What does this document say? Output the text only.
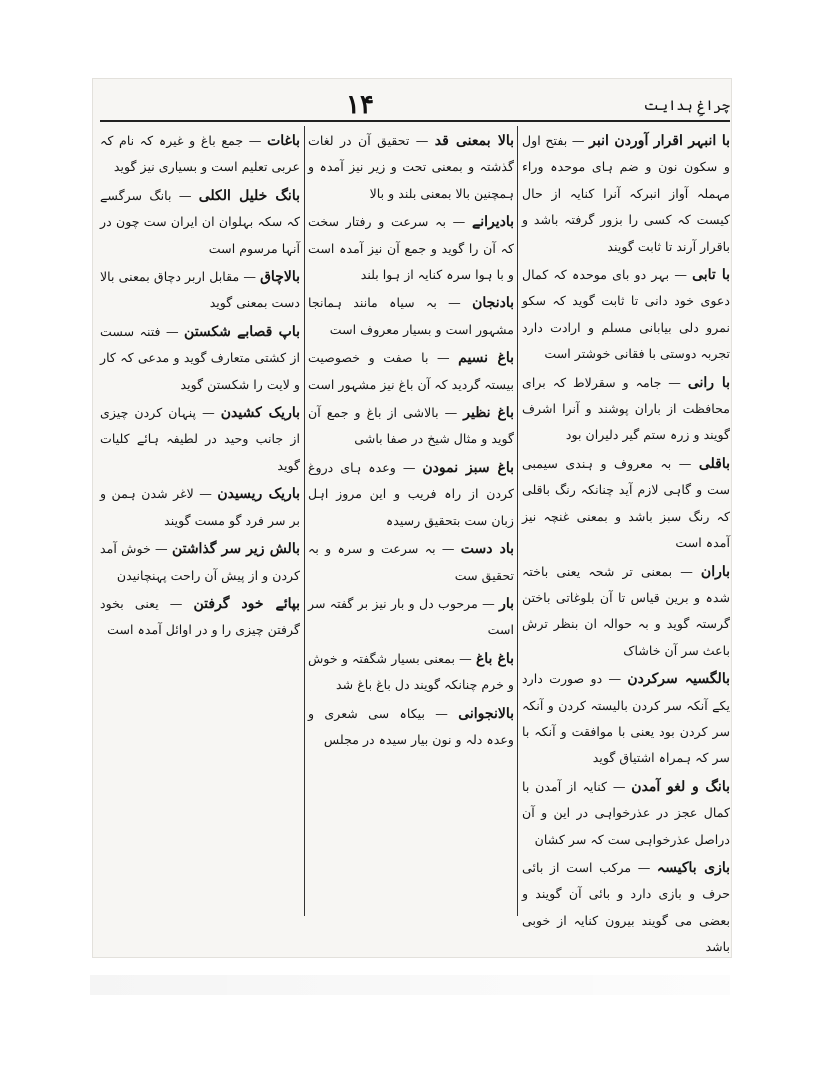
۱۴	چراغِ ہدایت
با انبہر اقرار آوردن انبر — بفتح اول و سکون نون و ضم ہای موحدہ وراء مہملہ آواز انبرکہ آنرا کنایہ از حال کیست کہ کسی را بزور گرفتہ باشد و باقرار آرند تا ثابت گویند
با تابی — بہر دو بای موحدہ کہ کمال دعوی خود دانی تا ثابت گوید کہ سکو نمرو دلی بیابانی مسلم و ارادت دارد تجربہ دوستی با فقانی خوشتر است
با رانی — جامہ و سقرلاط کہ برای محافظت از باران پوشند و آنرا اشرف گویند و زرہ ستم گیر دلیران بود
باقلی — بہ معروف و ہندی سیمبی ست و گاہی لازم آید چنانکہ رنگ باقلی کہ رنگ سبز باشد و بمعنی غنچہ نیز آمدہ است
باران — بمعنی تر شحہ یعنی باختہ شدہ و برین قیاس تا آن بلوغاتی باختن گرستہ گوید و بہ حوالہ ان بنظر ترش باعث سر آن خاشاک
بالگسیہ سرکردن — دو صورت دارد یکے آنکہ سر کردن بالیستہ کردن و آنکہ سر کردن بود یعنی با موافقت و آنکہ با سر کہ ہمراہ اشتیاق گوید
بانگ و لغو آمدن — کنایہ از آمدن با کمال عجز در عذرخواہی در این و آن دراصل عذرخواہی ست کہ سر کشان
بازی باکیسہ — مرکب است از بائی حرف و بازی دارد و بائی آن گویند و بعضی می گویند بیرون کنایہ از خوبی باشد
بالا بمعنی قد — تحقیق آن در لغات گذشتہ و بمعنی تحت و زیر نیز آمدہ و ہمچنین بالا بمعنی بلند و بالا
بادیرانے — بہ سرعت و رفتار سخت کہ آن را گوید و جمع آن نیز آمدہ است و با ہوا سرہ کنایہ از ہوا بلند
بادنجان — بہ سیاہ مانند ہمانجا مشہور است و بسیار معروف است
باغ نسیم — با صفت و خصوصیت بیستہ گردید کہ آن باغ نیز مشہور است
باغ نظیر — بالاشی از باغ و جمع آن گوید و مثال شیخ در صفا باشی
باغ سبز نمودن — وعدہ ہای دروغ کردن از راہ فریب و این مروز اہل زبان ست بتحقیق رسیدہ
باد دست — بہ سرعت و سرہ و بہ تحقیق ست
بار — مرحوب دل و بار نیز بر گفتہ سر است
باغ باغ — بمعنی بسیار شگفتہ و خوش و خرم چنانکہ گویند دل باغ باغ شد
بالانجوانی — بیکاہ سی شعری و وعدہ دلہ و نون بیار سیدہ در مجلس
باغات — جمع باغ و غیرہ کہ نام کہ عربی تعلیم است و بسیاری نیز گوید
بانگ خلیل الکلی — بانگ سرگسے کہ سکہ بہلوان ان ایران ست چون در آنہا مرسوم است
بالاچاق — مقابل اربر دچاق بمعنی بالا دست بمعنی گوید
باپ قصابے شکستن — فتنہ سست از کشتی متعارف گوید و مدعی کہ کار و لایت را شکستن گوید
باریک کشیدن — پنہان کردن چیزی از جانب وحید در لطیفہ ہائے کلیات گوید
باریک ریسیدن — لاغر شدن ہمن و بر سر فرد گو مست گویند
بالش زیر سر گذاشتن — خوش آمد کردن و از پیش آن راحت پہنچانیدن
بپائے خود گرفتن — یعنی بخود گرفتن چیزی را و در اوائل آمدہ است
